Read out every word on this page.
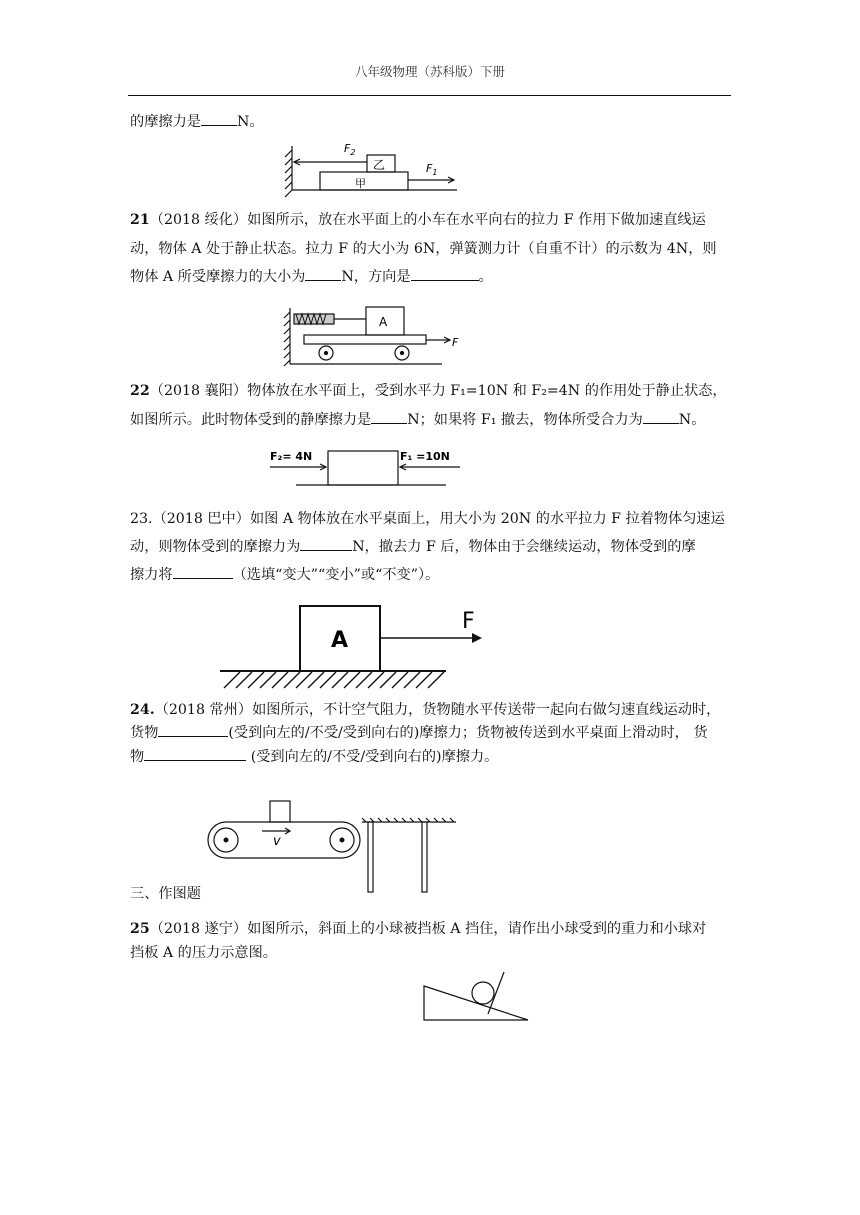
八年级物理（苏科版）下册
的摩擦力是	N。
$F_2$
$F_1$
乙
甲
21（2018 绥化）如图所示，放在水平面上的小车在水平向右的拉力 F 作用下做加速直线运
动，物体 A 处于静止状态。拉力 F 的大小为 6N，弹簧测力计（自重不计）的示数为 4N，则
物体 A 所受摩擦力的大小为	N，方向是	。
A
F
22（2018 襄阳）物体放在水平面上，受到水平力 F₁=10N 和 F₂=4N 的作用处于静止状态，
如图所示。此时物体受到的静摩擦力是	N；如果将 F₁ 撤去，物体所受合力为	N。
F₂= 4N	F₁ =10N
23.（2018 巴中）如图 A 物体放在水平桌面上，用大小为 20N 的水平拉力 F 拉着物体匀速运
动，则物体受到的摩擦力为	N，撤去力 F 后，物体由于会继续运动，物体受到的摩
擦力将	（选填“变大”“变小”或“不变”）。
A
F
24.（2018 常州）如图所示，不计空气阻力，货物随水平传送带一起向右做匀速直线运动时，
货物	(受到向左的/不受/受到向右的)摩擦力；货物被传送到水平桌面上滑动时， 货
物	(受到向左的/不受/受到向右的)摩擦力。
v
三、作图题
25（2018 遂宁）如图所示，斜面上的小球被挡板 A 挡住，请作出小球受到的重力和小球对
挡板 A 的压力示意图。
